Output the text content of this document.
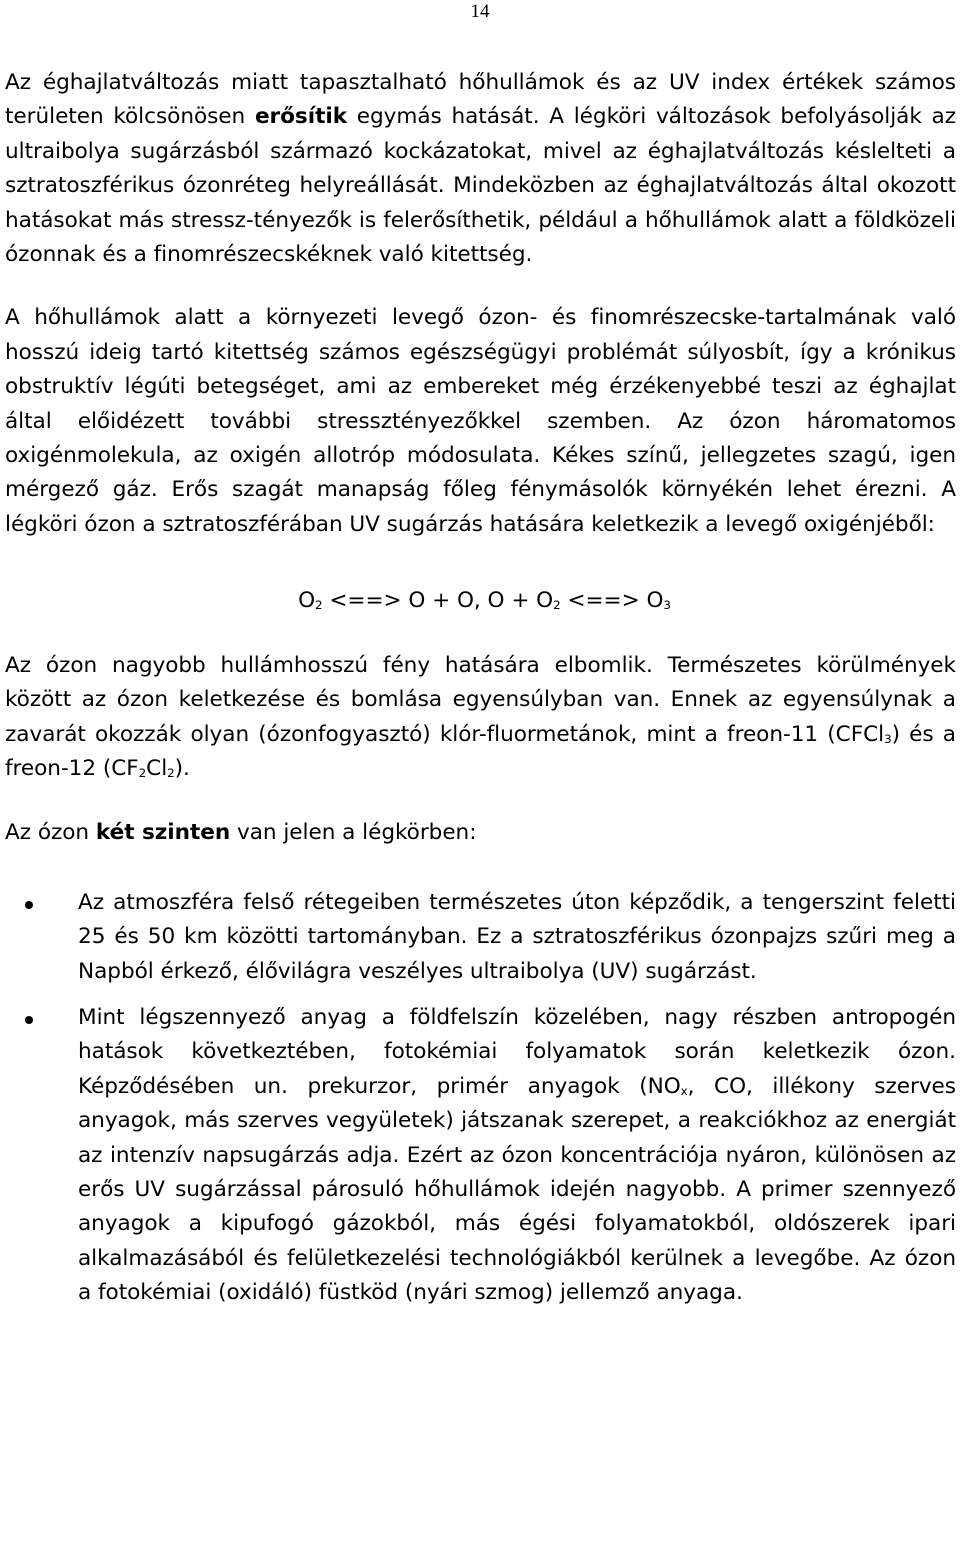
14

Az éghajlatváltozás miatt tapasztalható hőhullámok és az UV index értékek számos területen kölcsönösen erősítik egymás hatását. A légköri változások befolyásolják az ultraibolya sugárzásból származó kockázatokat, mivel az éghajlatváltozás késlelteti a sztratoszférikus ózonréteg helyreállását. Mindeközben az éghajlatváltozás által okozott hatásokat más stressz-tényezők is felerősíthetik, például a hőhullámok alatt a földközeli ózonnak és a finomrészecskéknek való kitettség.

A hőhullámok alatt a környezeti levegő ózon- és finomrészecske-tartalmának való hosszú ideig tartó kitettség számos egészségügyi problémát súlyosbít, így a krónikus obstruktív légúti betegséget, ami az embereket még érzékenyebbé teszi az éghajlat által előidézett további stressztényezőkkel szemben. Az ózon háromatomos oxigénmolekula, az oxigén allotróp módosulata. Kékes színű, jellegzetes szagú, igen mérgező gáz. Erős szagát manapság főleg fénymásolók környékén lehet érezni. A légköri ózon a sztratoszférában UV sugárzás hatására keletkezik a levegő oxigénjéből:

$O_2$ <==> O + O, $O + O_2$ <==> $O_3$

Az ózon nagyobb hullámhosszú fény hatására elbomlik. Természetes körülmények között az ózon keletkezése és bomlása egyensúlyban van. Ennek az egyensúlynak a zavarát okozzák olyan (ózonfogyasztó) klór-fluormetánok, mint a freon-11 (CFCl$_3$) és a freon-12 $(CF_2Cl_2)$.

Az ózon két szinten van jelen a légkörben:

Az atmoszféra felső rétegeiben természetes úton képződik, a tengerszint feletti 25 és 50 km közötti tartományban. Ez a sztratoszférikus ózonpajzs szűri meg a Napból érkező, élővilágra veszélyes ultraibolya (UV) sugárzást.
Mint légszennyező anyag a földfelszín közelében, nagy részben antropogén hatások következtében, fotokémiai folyamatok során keletkezik ózon. Képződésében un. prekurzor, primér anyagok ($NO_x$, CO, illékony szerves anyagok, más szerves vegyületek) játszanak szerepet, a reakciókhoz az energiát az intenzív napsugárzás adja. Ezért az ózon koncentrációja nyáron, különösen az erős UV sugárzással párosuló hőhullámok idején nagyobb. A primer szennyező anyagok a kipufogó gázokból, más égési folyamatokból, oldószerek ipari alkalmazásából és felületkezelési technológiákból kerülnek a levegőbe. Az ózon a fotokémiai (oxidáló) füstköd (nyári szmog) jellemző anyaga.
